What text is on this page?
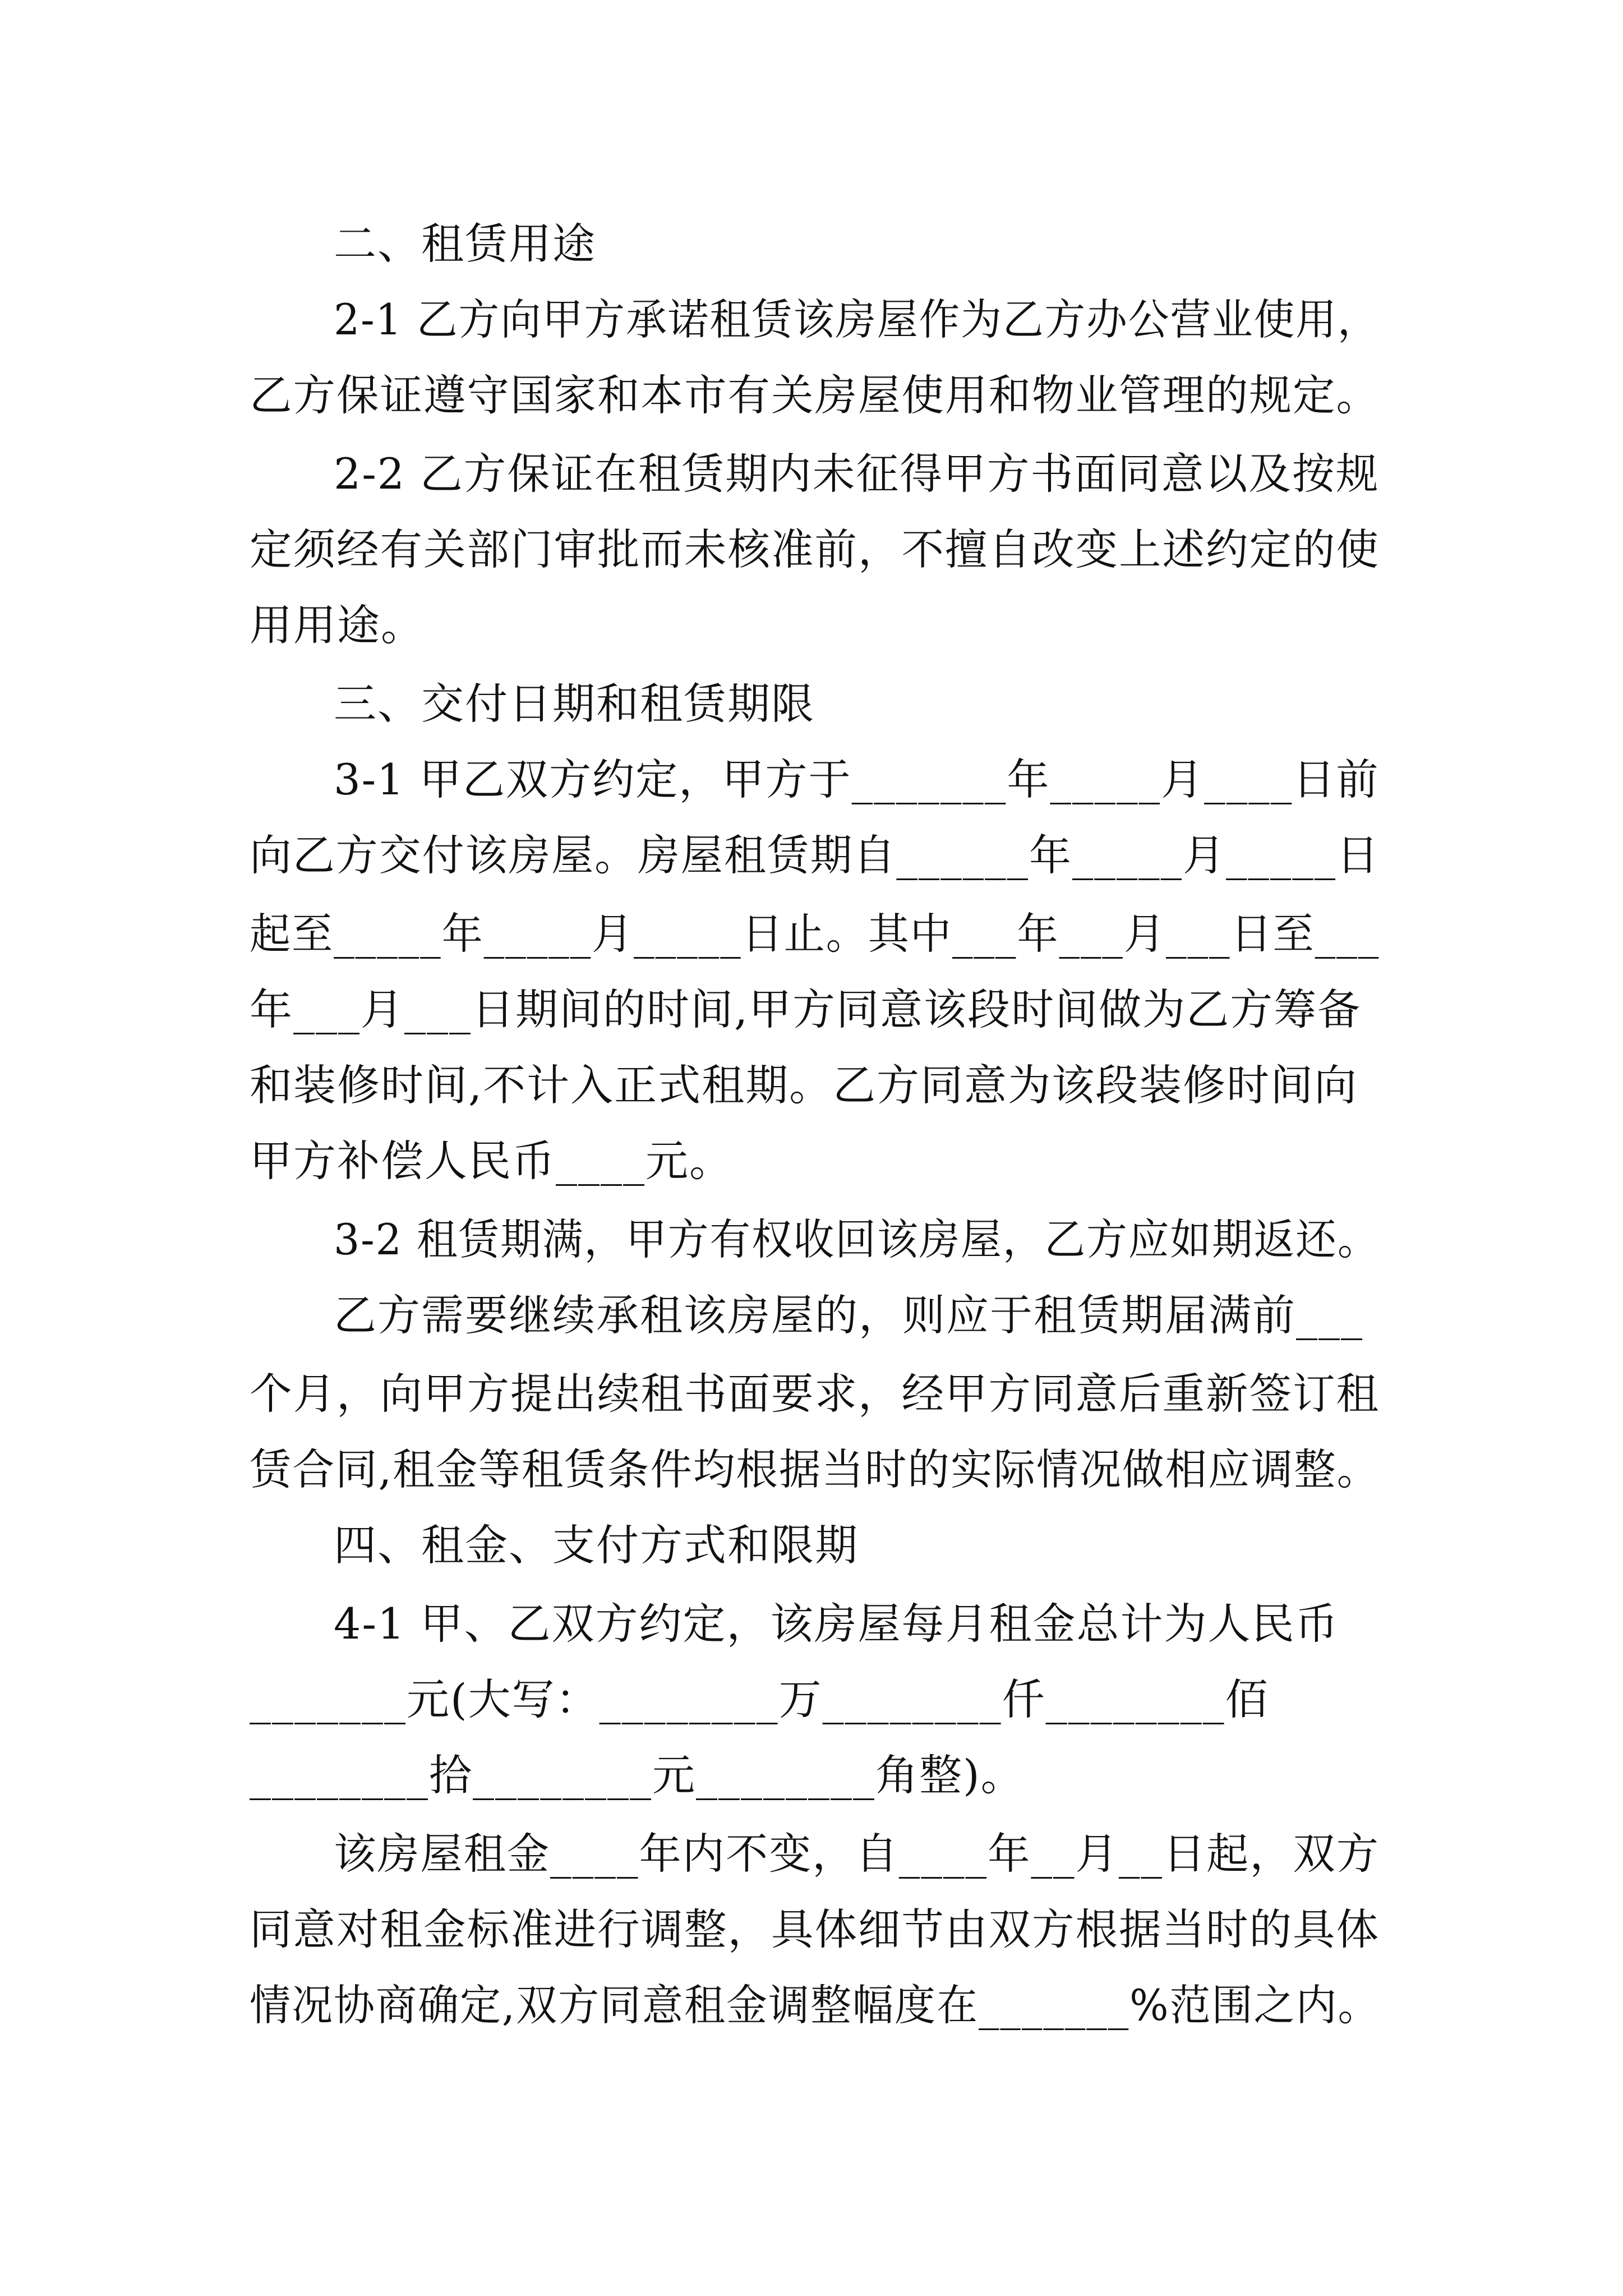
二、租赁用途
2-1 乙方向甲方承诺租赁该房屋作为乙方办公营业使用，
乙方保证遵守国家和本市有关房屋使用和物业管理的规定。
2-2 乙方保证在租赁期内未征得甲方书面同意以及按规
定须经有关部门审批而未核准前，不擅自改变上述约定的使
用用途。
三、交付日期和租赁期限
3-1 甲乙双方约定，甲方于_______年_____月____日前
向乙方交付该房屋。房屋租赁期自______年_____月_____日
起至_____年_____月_____日止。其中___年___月___日至___
年___月___日期间的时间,甲方同意该段时间做为乙方筹备
和装修时间,不计入正式租期。乙方同意为该段装修时间向
甲方补偿人民币____元。
3-2 租赁期满，甲方有权收回该房屋，乙方应如期返还。
乙方需要继续承租该房屋的，则应于租赁期届满前___
个月，向甲方提出续租书面要求，经甲方同意后重新签订租
赁合同,租金等租赁条件均根据当时的实际情况做相应调整。
四、租金、支付方式和限期
4-1 甲、乙双方约定，该房屋每月租金总计为人民币
_______元(大写：________万________仟________佰
________拾________元________角整)。
该房屋租金____年内不变，自____年__月__日起，双方
同意对租金标准进行调整，具体细节由双方根据当时的具体
情况协商确定,双方同意租金调整幅度在_______%范围之内。
